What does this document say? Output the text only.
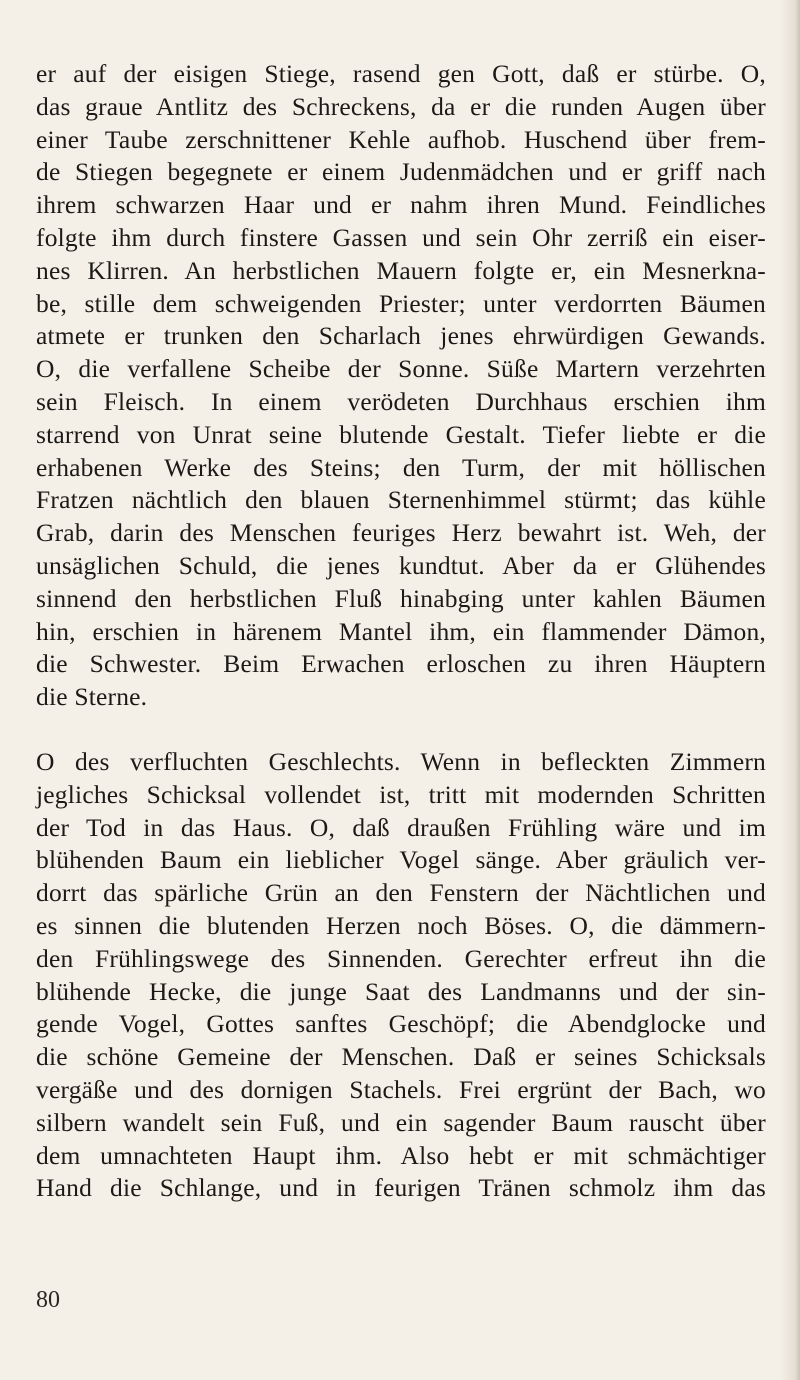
er auf der eisigen Stiege, rasend gen Gott, daß er stürbe. O,
das graue Antlitz des Schreckens, da er die runden Augen über
einer Taube zerschnittener Kehle aufhob. Huschend über frem-
de Stiegen begegnete er einem Judenmädchen und er griff nach
ihrem schwarzen Haar und er nahm ihren Mund. Feindliches
folgte ihm durch finstere Gassen und sein Ohr zerriß ein eiser-
nes Klirren. An herbstlichen Mauern folgte er, ein Mesnerkna-
be, stille dem schweigenden Priester; unter verdorrten Bäumen
atmete er trunken den Scharlach jenes ehrwürdigen Gewands.
O, die verfallene Scheibe der Sonne. Süße Martern verzehrten
sein Fleisch. In einem verödeten Durchhaus erschien ihm
starrend von Unrat seine blutende Gestalt. Tiefer liebte er die
erhabenen Werke des Steins; den Turm, der mit höllischen
Fratzen nächtlich den blauen Sternenhimmel stürmt; das kühle
Grab, darin des Menschen feuriges Herz bewahrt ist. Weh, der
unsäglichen Schuld, die jenes kundtut. Aber da er Glühendes
sinnend den herbstlichen Fluß hinabging unter kahlen Bäumen
hin, erschien in härenem Mantel ihm, ein flammender Dämon,
die Schwester. Beim Erwachen erloschen zu ihren Häuptern
die Sterne.
O des verfluchten Geschlechts. Wenn in befleckten Zimmern
jegliches Schicksal vollendet ist, tritt mit modernden Schritten
der Tod in das Haus. O, daß draußen Frühling wäre und im
blühenden Baum ein lieblicher Vogel sänge. Aber gräulich ver-
dorrt das spärliche Grün an den Fenstern der Nächtlichen und
es sinnen die blutenden Herzen noch Böses. O, die dämmern-
den Frühlingswege des Sinnenden. Gerechter erfreut ihn die
blühende Hecke, die junge Saat des Landmanns und der sin-
gende Vogel, Gottes sanftes Geschöpf; die Abendglocke und
die schöne Gemeine der Menschen. Daß er seines Schicksals
vergäße und des dornigen Stachels. Frei ergrünt der Bach, wo
silbern wandelt sein Fuß, und ein sagender Baum rauscht über
dem umnachteten Haupt ihm. Also hebt er mit schmächtiger
Hand die Schlange, und in feurigen Tränen schmolz ihm das
80
